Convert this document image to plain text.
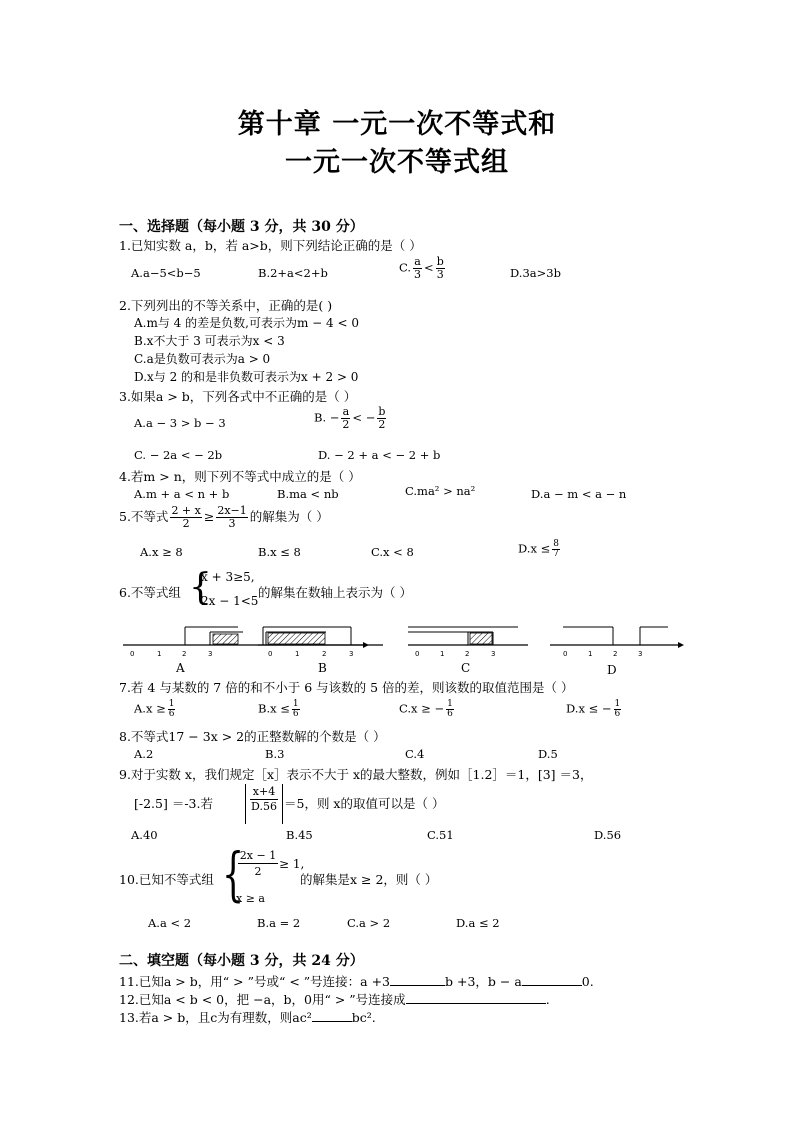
第十章 一元一次不等式和
一元一次不等式组
一、选择题（每小题 3 分，共 30 分）
1.已知实数 a，b，若 a>b，则下列结论正确的是（ ）
A.a−5<b−5	B.2+a<2+b	C. $\frac{a}{3} < \frac{b}{3}$	D.3a>3b
2.下列列出的不等关系中，正确的是( )
A.m与 4 的差是负数,可表示为m − 4 < 0
B.x不大于 3 可表示为x < 3
C.a是负数可表示为a > 0
D.x与 2 的和是非负数可表示为x + 2 > 0
3.如果a > b，下列各式中不正确的是（ ）
A.a − 3 > b − 3	B. − $\frac{a}{2}$ < − $\frac{b}{2}$
C. − 2a < − 2b	D. − 2 + a < − 2 + b
4.若m > n，则下列不等式中成立的是（ ）
A.m + a < n + b	B.ma < nb	C.ma² > na²	D.a − m < a − n
5.不等式 $\frac{2 + x}{2} \ge \frac{2x-1}{3}$ 的解集为（ ）
A.x ≥ 8	B.x ≤ 8	C.x < 8	$D.x \le \frac{8}{7}$
6.不等式组 {
x + 3≥5,
2x − 1<5
的解集在数轴上表示为（ ）
0	1	2	3	0	1	2	3	0	1	2	3	0	1	2	3
A	B	C	D
7.若 4 与某数的 7 倍的和不小于 6 与该数的 5 倍的差，则该数的取值范围是（ ）
$A.x \ge \frac{1}{6}$	$B.x \le \frac{1}{6}$	C.x ≥ − $\frac{1}{6}$	D.x ≤ − $\frac{1}{6}$
8.不等式17 − 3x > 2的正整数解的个数是（ ）
A.2	B.3	C.4	D.5
9.对于实数 x，我们规定［x］表示不大于 x的最大整数，例如［1.2］＝1，[3] ＝3，
[-2.5] ＝-3.若
x+4
D.56 ＝5，则 x的取值可以是（ ）
A.40	B.45	C.51	D.56
10.已知不等式组 {
2x − 1
2
≥ 1,
x ≥ a
的解集是x ≥ 2，则（ ）
A.a < 2	B.a = 2	C.a > 2	D.a ≤ 2
二、填空题（每小题 3 分，共 24 分）
11.已知a > b，用“ > ”号或“ < ”号连接：a +3	b +3，b − a	0.
12.已知a < b < 0，把 −a，b，0用“ > ”号连接成	.
13.若a > b，且c为有理数，则ac²	bc².
